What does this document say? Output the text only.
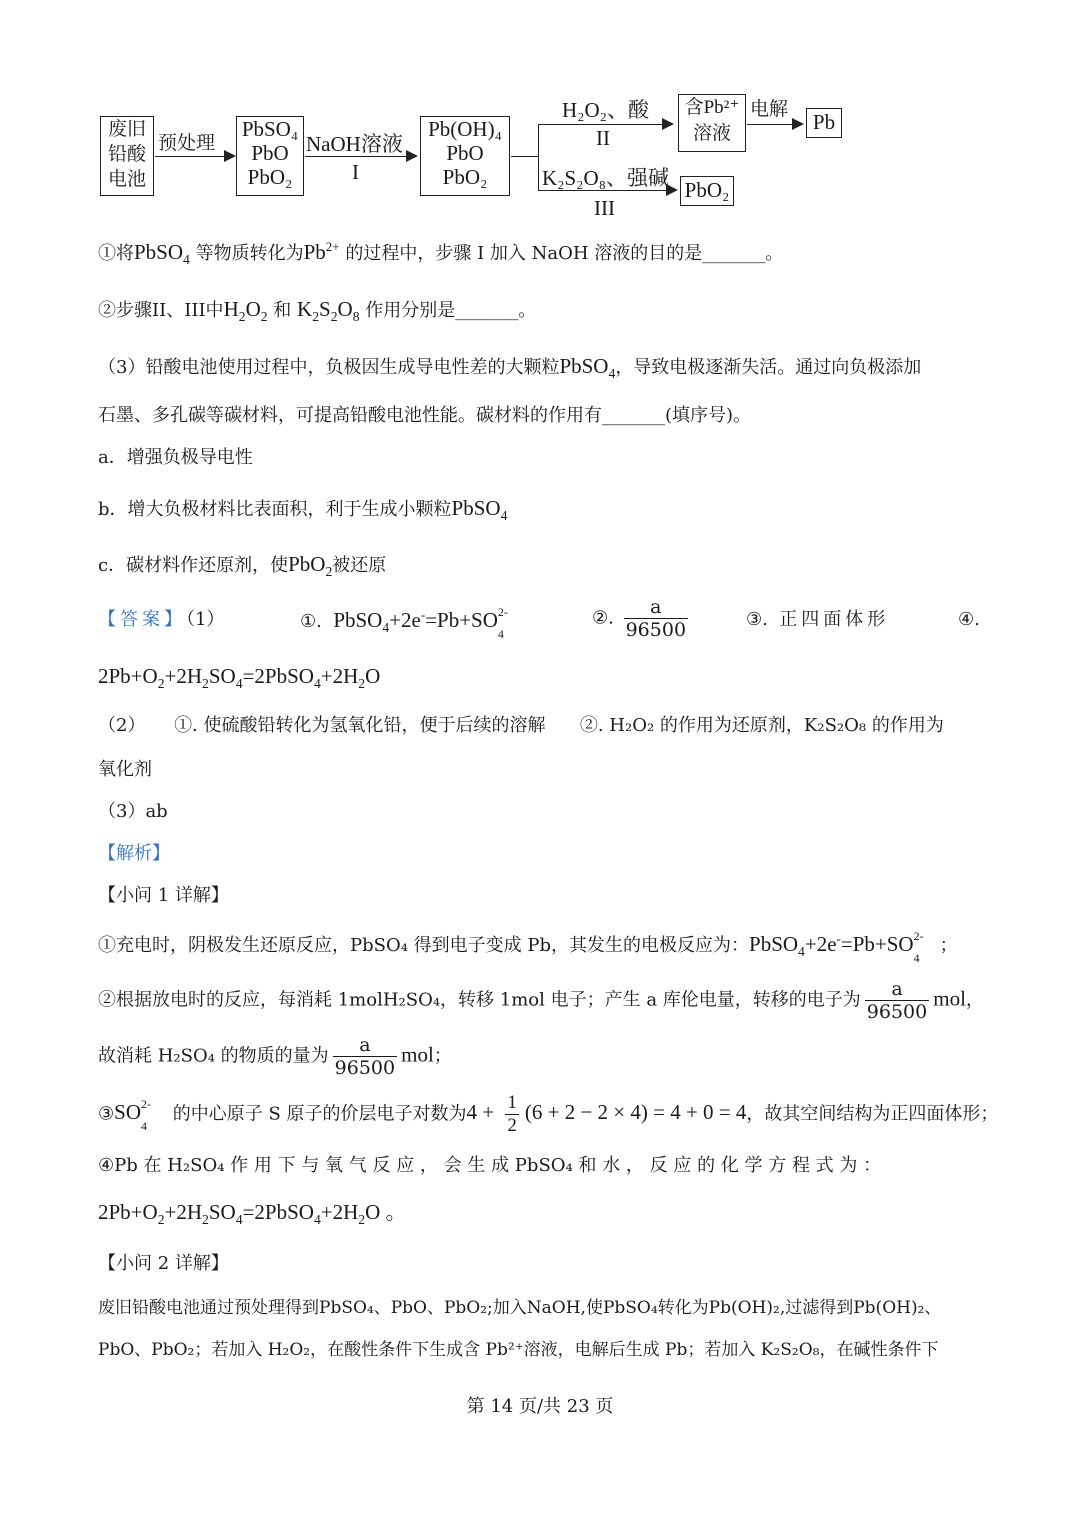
废旧
铅酸
电池
预处理
PbSO₄
PbO
PbO₂
NaOH溶液
I
Pb(OH)₄
PbO
PbO₂
H₂O₂、酸
II
K₂S₂O₈、强碱
III
含Pb²⁺
溶液
电解
Pb
PbO₂
①将PbSO$_4$ 等物质转化为$Pb^{2+}$ 的过程中，步骤 I 加入 NaOH 溶液的目的是_______。
②步骤II、III中$H_2O_2$ 和 $K_2S_2O_8$ 作用分别是_______。
（3）铅酸电池使用过程中，负极因生成导电性差的大颗粒PbSO$_4$，导致电极逐渐失活。通过向负极添加
石墨、多孔碳等碳材料，可提高铅酸电池性能。碳材料的作用有_______(填序号)。
a．增强负极导电性
b．增大负极材料比表面积，利于生成小颗粒PbSO$_4$
c．碳材料作还原剂，使PbO$_2$被还原
【答案】（1）	①. PbSO$_4$+2e-=Pb+SO 2-
4
②. $\frac{a}{96500}$	③. 正四面体形	④.
$2Pb+O_2+2H_2SO_4=2PbSO_4+2H_2O$
（2） ①. 使硫酸铅转化为氢氧化铅，便于后续的溶解 ②. H₂O₂ 的作用为还原剂，K₂S₂O₈ 的作用为
氧化剂
（3）ab
【解析】
【小问 1 详解】
①充电时，阴极发生还原反应，PbSO₄ 得到电子变成 Pb，其发生的电极反应为：PbSO$_4$+2e-=Pb+SO 2-
4
；
②根据放电时的反应，每消耗 1molH₂SO₄，转移 1mol 电子；产生 a 库伦电量，转移的电子为 $\frac{a}{96500}$ mol，
故消耗 H₂SO₄ 的物质的量为 $\frac{a}{96500}$ mol；
③SO 2-
4
的中心原子 S 原子的价层电子对数为$4 + \frac{1}{2} (6 + 2 - 2 \times 4) = 4 + 0 = 4$，故其空间结构为正四面体形；
④Pb 在 H₂SO₄ 作 用 下 与 氧 气 反 应 ， 会 生 成 PbSO₄ 和 水 ， 反 应 的 化 学 方 程 式 为 ：
$2Pb+O_2+2H_2SO_4=2PbSO_4+2H_2O$ 。
【小问 2 详解】
废旧铅酸电池通过预处理得到PbSO₄、PbO、PbO₂;加入NaOH,使PbSO₄转化为Pb(OH)₂,过滤得到Pb(OH)₂、
PbO、PbO₂；若加入 H₂O₂，在酸性条件下生成含 Pb²⁺溶液，电解后生成 Pb；若加入 K₂S₂O₈，在碱性条件下
第 14 页/共 23 页
